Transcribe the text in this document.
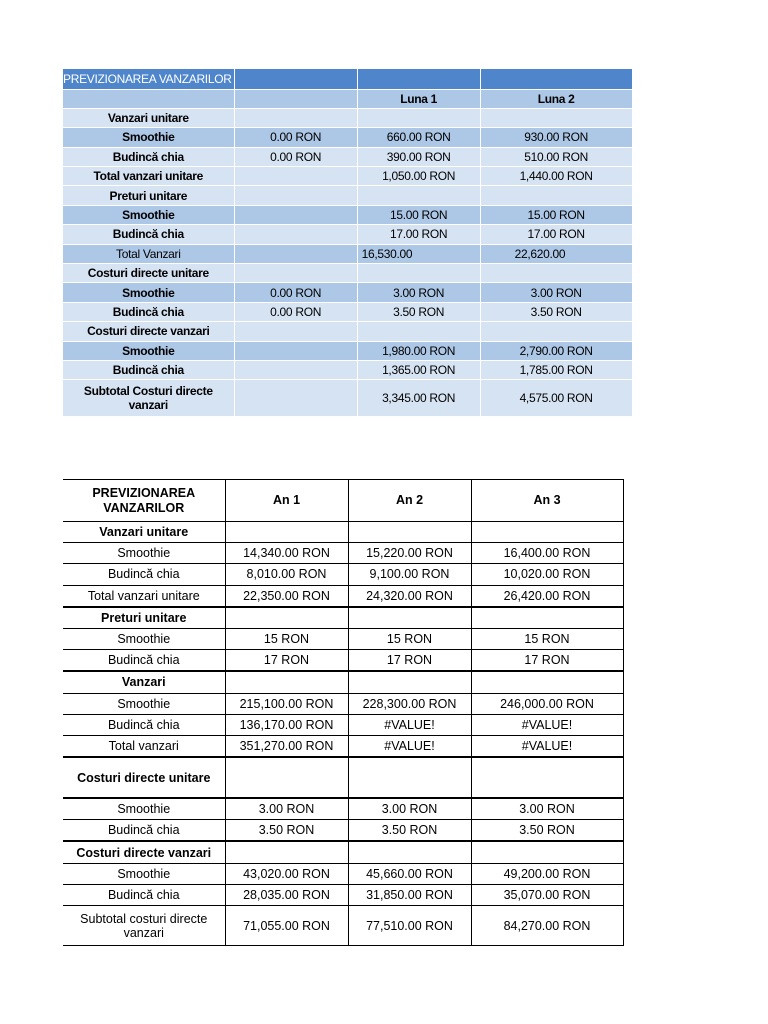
PREVIZIONAREA VANZARILOR			
		Luna 1	Luna 2
Vanzari unitare			
Smoothie	0.00 RON	660.00 RON	930.00 RON
Budincă chia	0.00 RON	390.00 RON	510.00 RON
Total vanzari unitare		1,050.00 RON	1,440.00 RON
Preturi unitare			
Smoothie		15.00 RON	15.00 RON
Budincă chia		17.00 RON	17.00 RON
Total Vanzari		16,530.00	22,620.00
Costuri directe unitare			
Smoothie	0.00 RON	3.00 RON	3.00 RON
Budincă chia	0.00 RON	3.50 RON	3.50 RON
Costuri directe vanzari			
Smoothie		1,980.00 RON	2,790.00 RON
Budincă chia		1,365.00 RON	1,785.00 RON
Subtotal Costuri directe vanzari		3,345.00 RON	4,575.00 RON
PREVIZIONAREA VANZARILOR	An 1	An 2	An 3
Vanzari unitare			
Smoothie	14,340.00 RON	15,220.00 RON	16,400.00 RON
Budincă chia	8,010.00 RON	9,100.00 RON	10,020.00 RON
Total vanzari unitare	22,350.00 RON	24,320.00 RON	26,420.00 RON
Preturi unitare			
Smoothie	15 RON	15 RON	15 RON
Budincă chia	17 RON	17 RON	17 RON
Vanzari			
Smoothie	215,100.00 RON	228,300.00 RON	246,000.00 RON
Budincă chia	136,170.00 RON	#VALUE!	#VALUE!
Total vanzari	351,270.00 RON	#VALUE!	#VALUE!
Costuri directe unitare			
Smoothie	3.00 RON	3.00 RON	3.00 RON
Budincă chia	3.50 RON	3.50 RON	3.50 RON
Costuri directe vanzari			
Smoothie	43,020.00 RON	45,660.00 RON	49,200.00 RON
Budincă chia	28,035.00 RON	31,850.00 RON	35,070.00 RON
Subtotal costuri directe vanzari	71,055.00 RON	77,510.00 RON	84,270.00 RON
